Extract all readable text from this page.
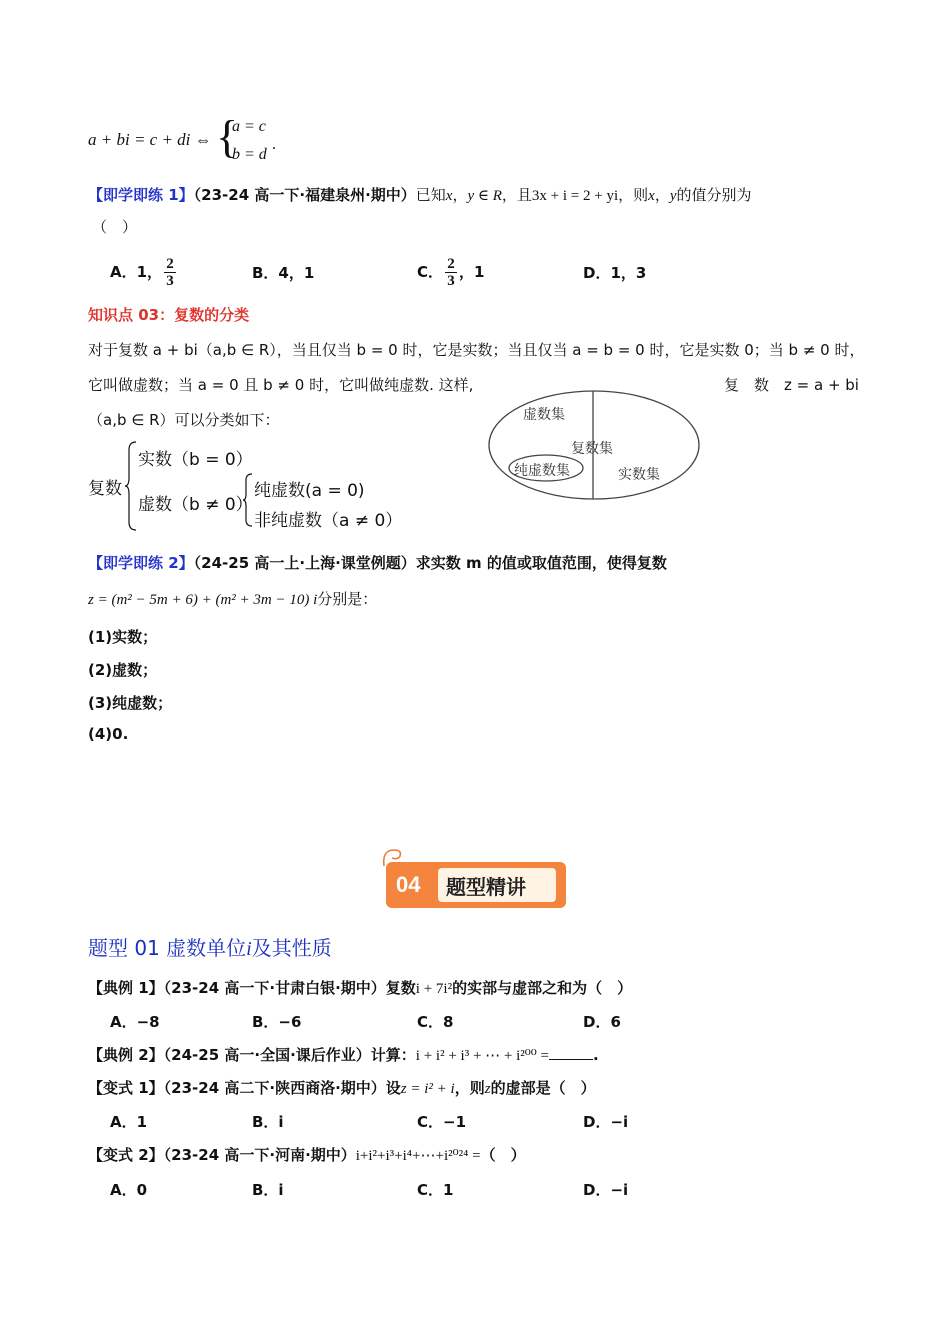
a + bi = c + di ⇔ {
a = c
b = d
.
【即学即练 1】（23-24 高一下·福建泉州·期中）已知x，y ∈ R，且3x + i = 2 + yi，则x，y的值分别为
（　）
A．1， $\frac{2}{3}$	B．4，1	C． $\frac{2}{3}$ ，1	D．1，3
知识点 03：复数的分类
对于复数 a + bi（a,b ∈ R），当且仅当 b = 0 时，它是实数；当且仅当 a = b = 0 时，它是实数 0；当 b ≠ 0 时，
它叫做虚数；当 a = 0 且 b ≠ 0 时，它叫做纯虚数. 这样,	复　数　z = a + bi
（a,b ∈ R）可以分类如下：
复数
实数（b = 0）
虚数（b ≠ 0）
纯虚数(a = 0)
非纯虚数（a ≠ 0）
虚数集
复数集
纯虚数集	实数集
【即学即练 2】（24-25 高一上·上海·课堂例题）求实数 m 的值或取值范围，使得复数
z = (m² − 5m + 6) + (m² + 3m − 10) i分别是：
(1)实数；
(2)虚数；
(3)纯虚数；
(4)0.
04 题型精讲
题型 01 虚数单位i及其性质
【典例 1】（23-24 高一下·甘肃白银·期中）复数i + 7i²的实部与虚部之和为（　）
A．−8	B．−6	C．8	D．6
【典例 2】（24-25 高一·全国·课后作业）计算：i + i² + i³ + ⋯ + i²⁰⁰ =	.
【变式 1】（23-24 高二下·陕西商洛·期中）设z = i² + i，则z的虚部是（　）
A．1	B．i	C．−1	D．−i
【变式 2】（23-24 高一下·河南·期中）i+i²+i³+i⁴+⋯+i²⁰²⁴ =（　）
A．0	B．i	C．1	D．−i
